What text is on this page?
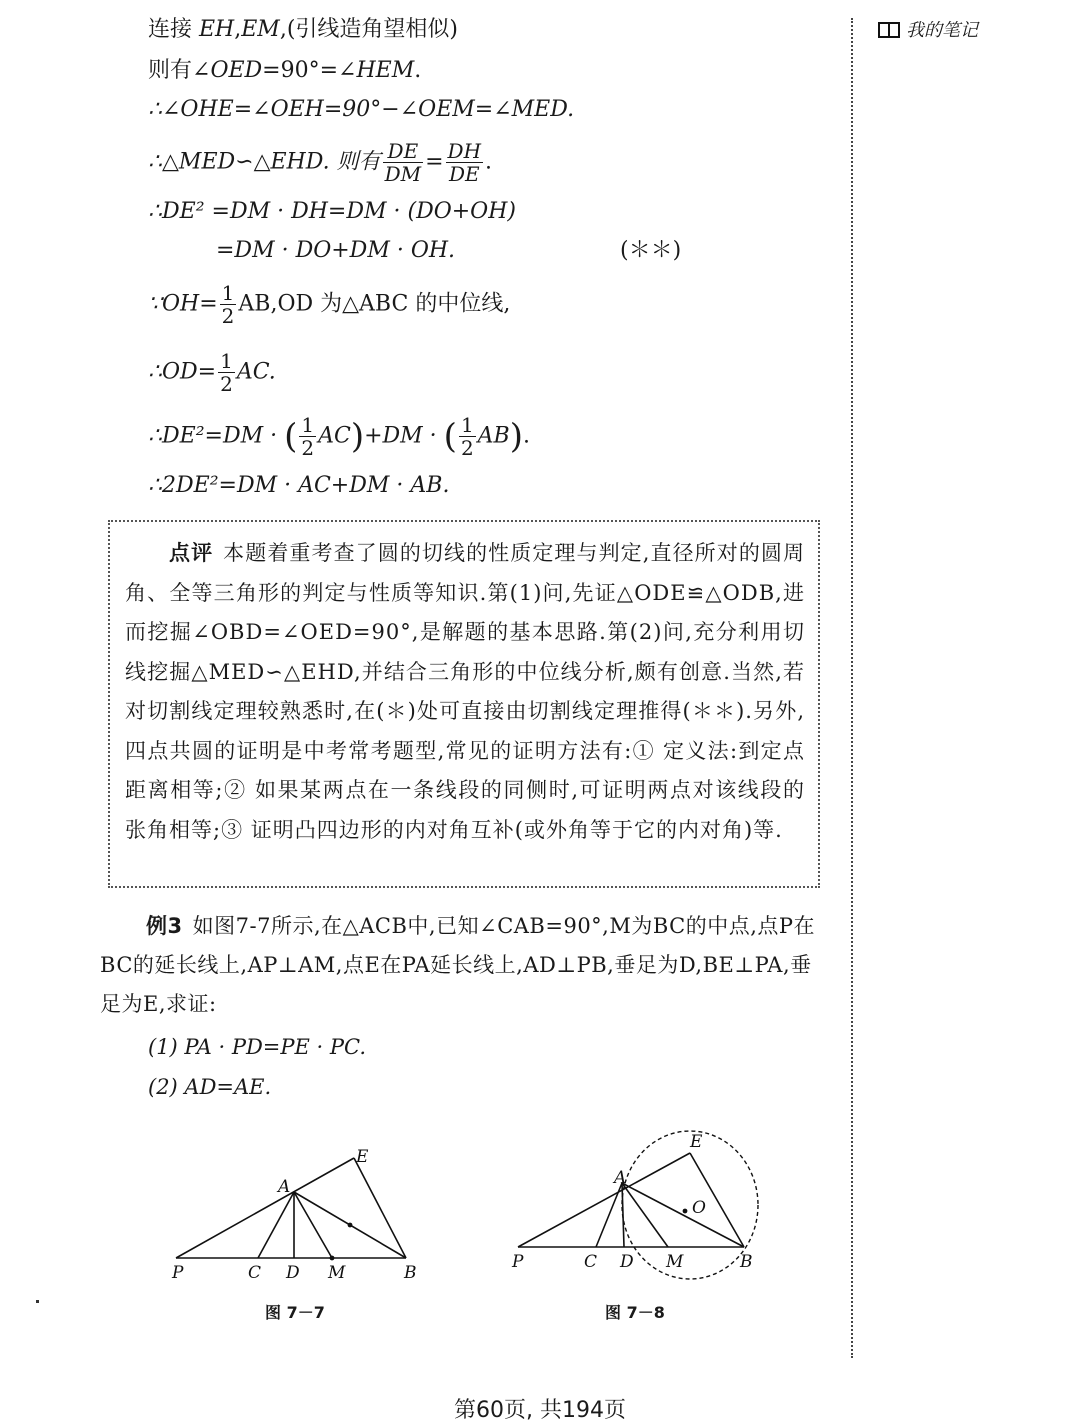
我的笔记
连接 EH,EM,(引线造角望相似)
则有∠OED=90°=∠HEM.
∴∠OHE=∠OEH=90°−∠OEM=∠MED.
∴△MED∽△EHD. 则有 $\frac{DE}{DM} = \frac{DH}{DE}$ .
∴DE² =DM · DH=DM · (DO+OH)
=DM · DO+DM · OH.	(＊＊)
∵OH= $\frac{1}{2} AB,OD$ 为△ABC 的中位线,
∴OD= $\frac{1}{2}$ AC.
∴DE²=DM · ( $\frac{1}{2} AC)+DM$ · ( $\frac{1}{2} AB$).
∴2DE²=DM · AC+DM · AB.
点评 本题着重考查了圆的切线的性质定理与判定,直径所对的圆周角、全等三角形的判定与性质等知识.第(1)问,先证△ODE≌△ODB,进而挖掘∠OBD=∠OED=90°,是解题的基本思路.第(2)问,充分利用切线挖掘△MED∽△EHD,并结合三角形的中位线分析,颇有创意.当然,若对切割线定理较熟悉时,在(＊)处可直接由切割线定理推得(＊＊).另外,四点共圆的证明是中考常考题型,常见的证明方法有:① 定义法:到定点距离相等;② 如果某两点在一条线段的同侧时,可证明两点对该线段的张角相等;③ 证明凸四边形的内对角互补(或外角等于它的内对角)等.
例3 如图7-7所示,在△ACB中,已知∠CAB=90°,M为BC的中点,点P在BC的延长线上,AP⊥AM,点E在PA延长线上,AD⊥PB,垂足为D,BE⊥PA,垂足为E,求证:
(1) PA · PD=PE · PC.
(2) AD=AE.
P	C D M	B
A
E
图 7－7
P	C D M	B
A
E
O
图 7－8
第60页, 共194页
